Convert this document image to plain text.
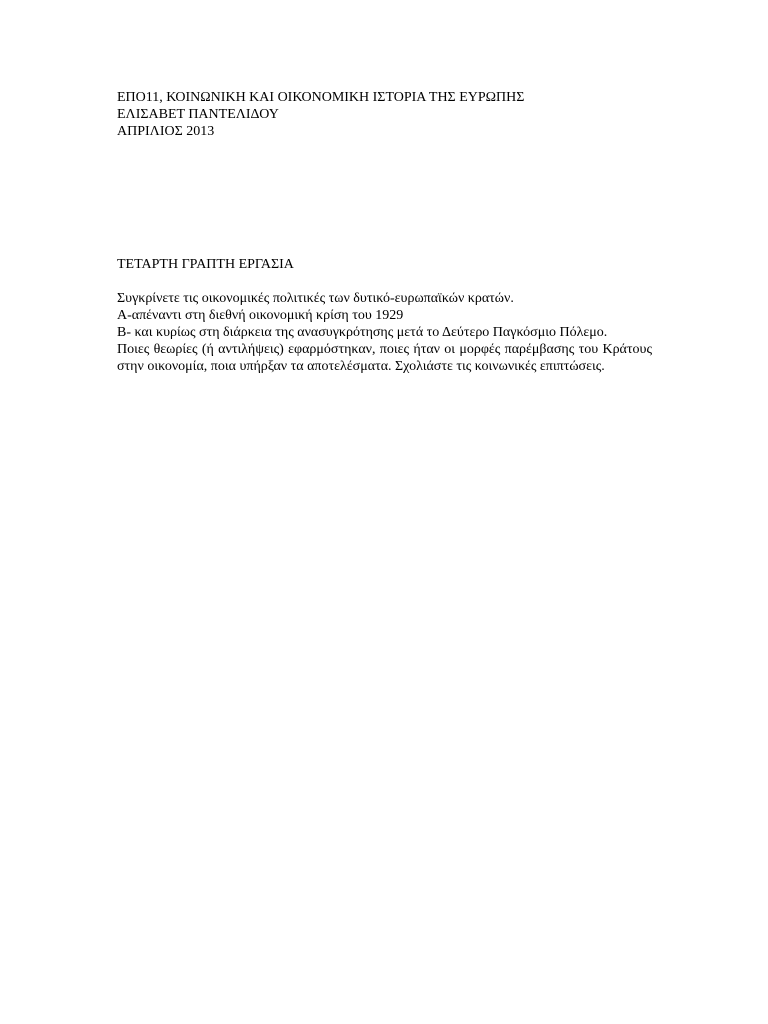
ΕΠΟ11, ΚΟΙΝΩΝΙΚΗ ΚΑΙ ΟΙΚΟΝΟΜΙΚΗ ΙΣΤΟΡΙΑ ΤΗΣ ΕΥΡΩΠΗΣ
ΕΛΙΣΑΒΕΤ ΠΑΝΤΕΛΙΔΟΥ
ΑΠΡΙΛΙΟΣ 2013
ΤΕΤΑΡΤΗ ΓΡΑΠΤΗ ΕΡΓΑΣΙΑ

Συγκρίνετε τις οικονομικές πολιτικές των δυτικό-ευρωπαϊκών κρατών.

Α-απέναντι στη διεθνή οικονομική κρίση του 1929

Β- και κυρίως στη διάρκεια της ανασυγκρότησης μετά το Δεύτερο Παγκόσμιο Πόλεμο.

Ποιες θεωρίες (ή αντιλήψεις) εφαρμόστηκαν, ποιες ήταν οι μορφές παρέμβασης του Κράτους στην οικονομία, ποια υπήρξαν τα αποτελέσματα. Σχολιάστε τις κοινωνικές επιπτώσεις.
